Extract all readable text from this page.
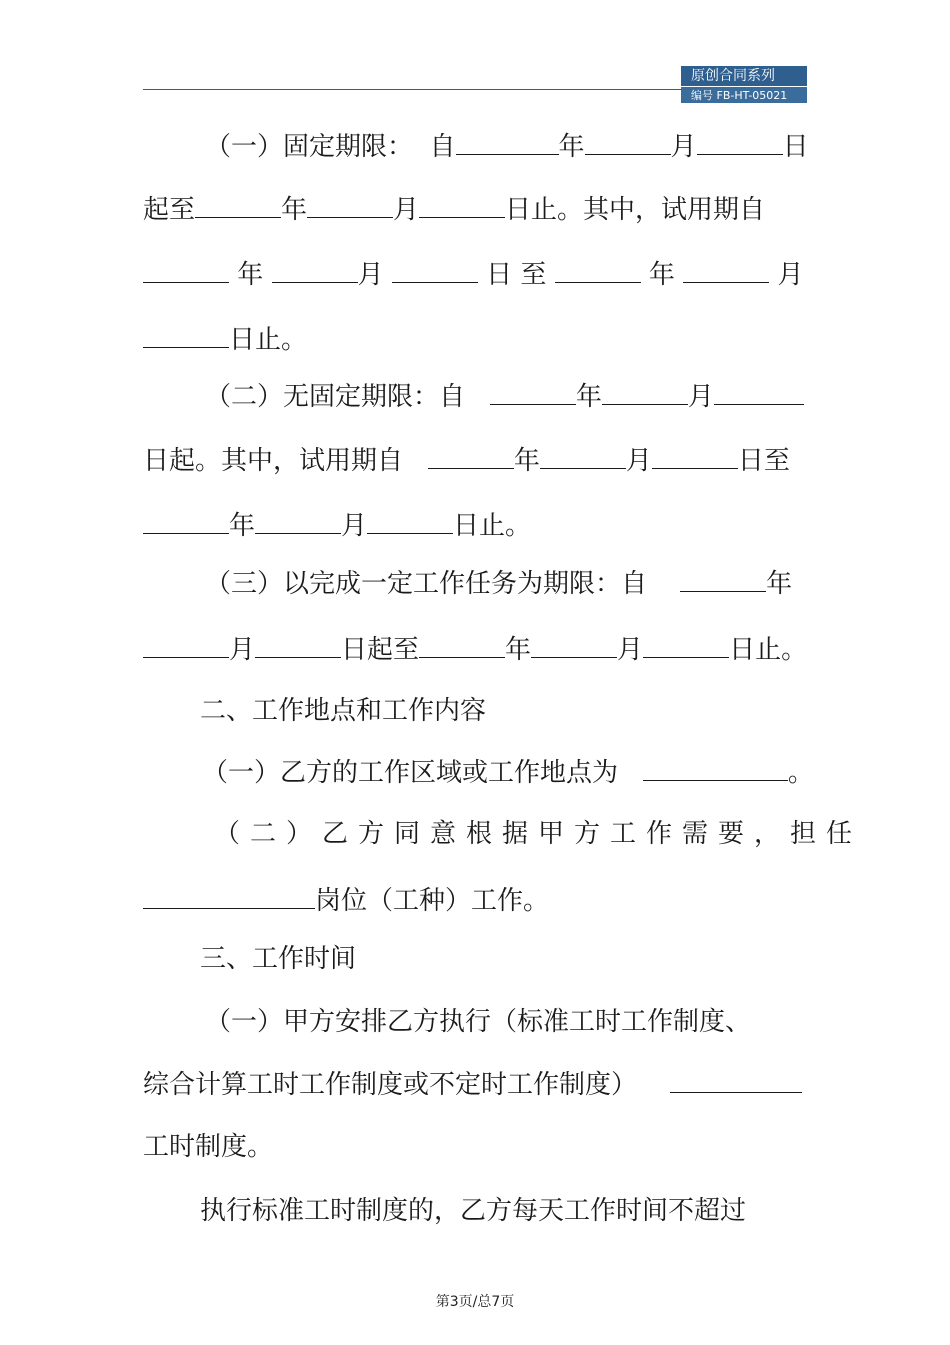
原创合同系列
编号 FB-HT-05021
（一）固定期限：  自	年	月	日
起至	年	月	日止。其中，试用期自
年	月	日 至	年	月
日止。
（二）无固定期限：自	年	月
日起。其中，试用期自	年	月	日至
年	月	日止。
（三）以完成一定工作任务为期限：自	年
月	日起至	年	月	日止。
二、工作地点和工作内容
（一）乙方的工作区域或工作地点为	。
（二）乙方同意根据甲方工作需要，担任
岗位（工种）工作。
三、工作时间
（一）甲方安排乙方执行（标准工时工作制度、
综合计算工时工作制度或不定时工作制度）
工时制度。
执行标准工时制度的，乙方每天工作时间不超过
第3页/总7页
